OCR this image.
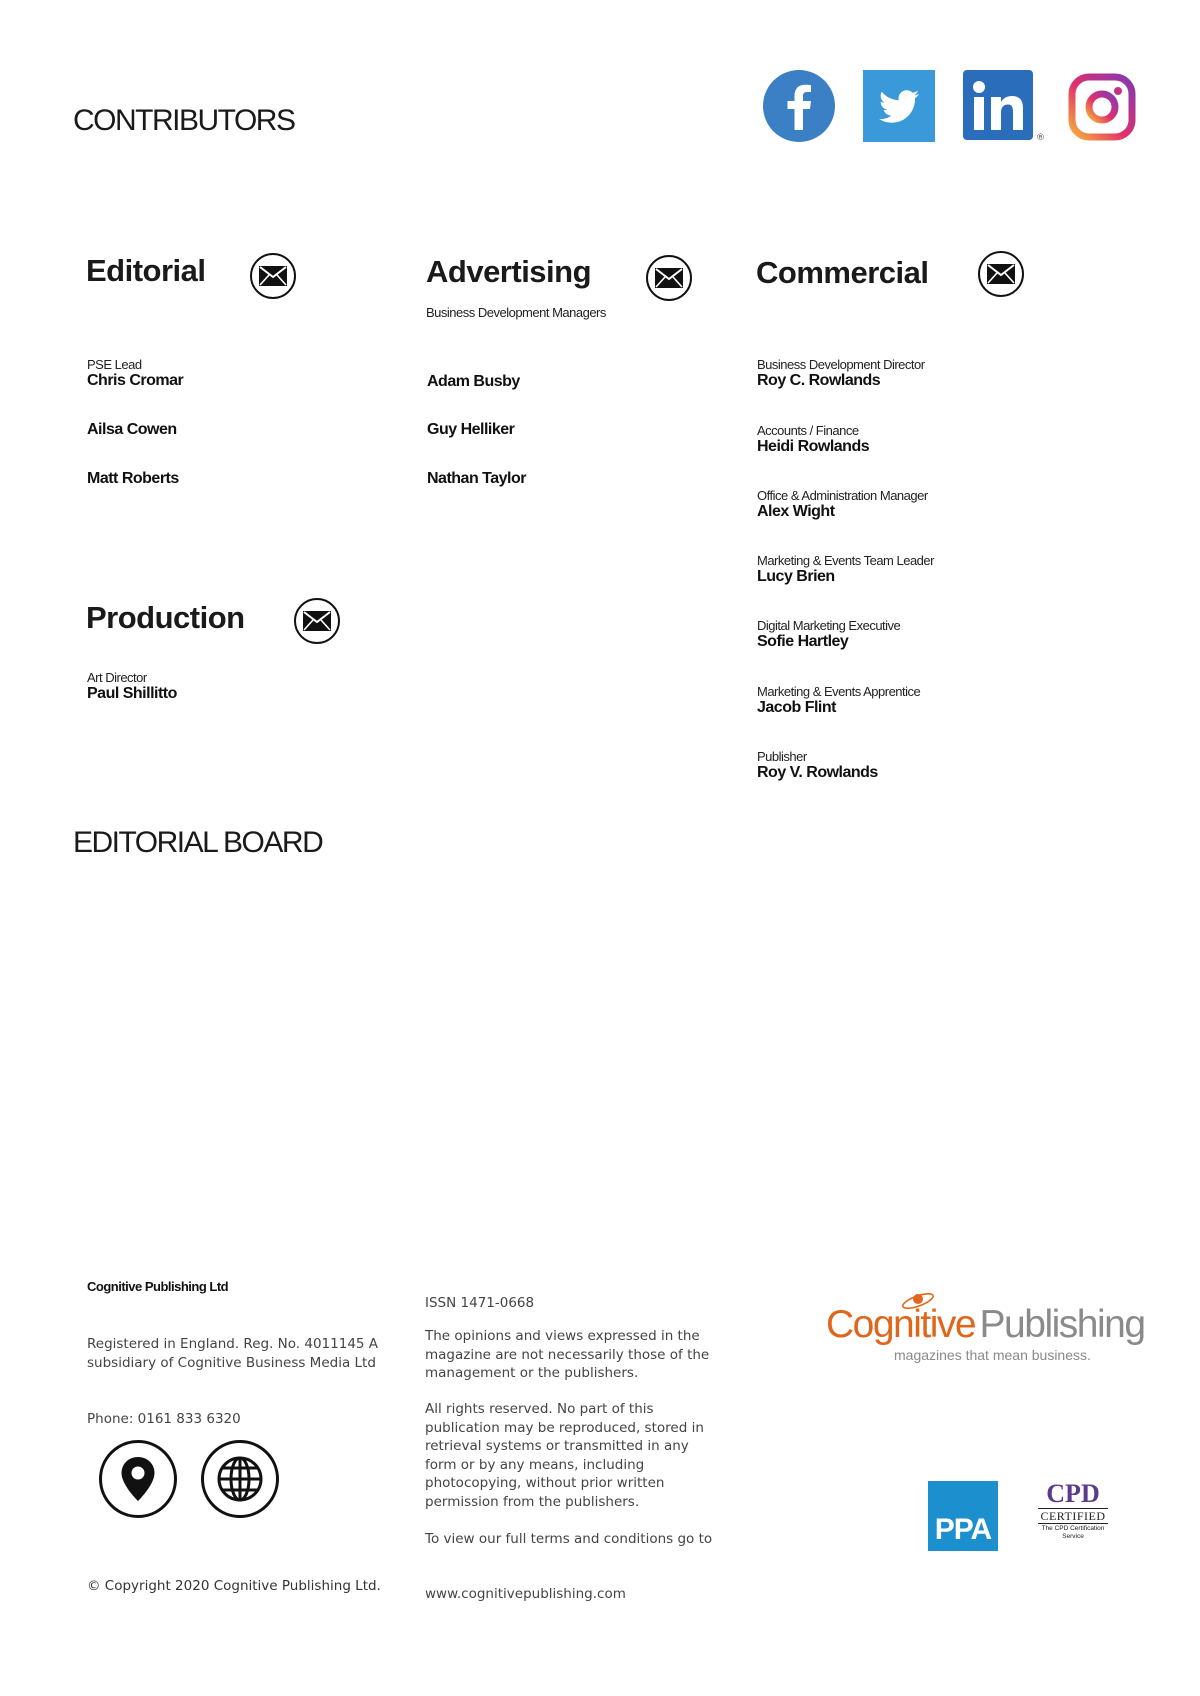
CONTRIBUTORS
®
Editorial
PSE Lead
Chris Cromar
Ailsa Cowen
Matt Roberts
Advertising
Business Development Managers
Adam Busby
Guy Helliker
Nathan Taylor
Commercial
Business Development Director
Roy C. Rowlands
Accounts / Finance
Heidi Rowlands
Office & Administration Manager
Alex Wight
Marketing & Events Team Leader
Lucy Brien
Digital Marketing Executive
Sofie Hartley
Marketing & Events Apprentice
Jacob Flint
Publisher
Roy V. Rowlands
Production
Art Director
Paul Shillitto
EDITORIAL BOARD
Cognitive Publishing Ltd
Registered in England. Reg. No. 4011145 A subsidiary of Cognitive Business Media Ltd
Phone: 0161 833 6320
© Copyright 2020 Cognitive Publishing Ltd.
ISSN 1471-0668
The opinions and views expressed in the magazine are not necessarily those of the management or the publishers.
All rights reserved. No part of this publication may be reproduced, stored in retrieval systems or transmitted in any form or by any means, including photocopying, without prior written permission from the publishers.
To view our full terms and conditions go to
www.cognitivepublishing.com
Cognitive Publishing
magazines that mean business.
PPA
CPD
CERTIFIED
The CPD Certification Service
